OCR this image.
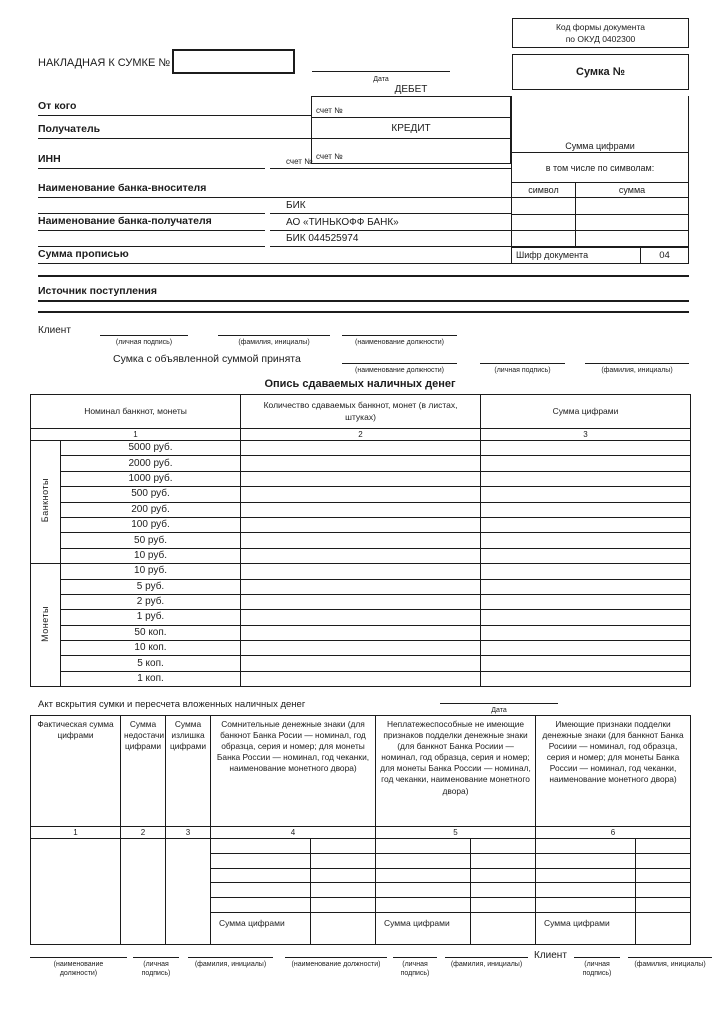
Код формы документа
по ОКУД 0402300
НАКЛАДНАЯ К СУМКЕ №
Дата
Сумка №
ДЕБЕТ
счет №
КРЕДИТ
счет №
От кого
Получатель
ИНН	счет №
Сумма цифрами
в том числе по символам:
символ	сумма
Шифр документа	04
Наименование банка-вносителя
БИК
Наименование банка-получателя	АО «ТИНЬКОФФ БАНК»
БИК 044525974
Сумма прописью
Источник поступления
Клиент
(личная подпись)	(фамилия, инициалы)	(наименование должности)
Сумка с объявленной суммой принята
(наименование должности)	(личная подпись)	(фамилия, инициалы)
Опись сдаваемых наличных денег
Номинал банкнот, монеты		Количество сдаваемых банкнот, монет (в листах, штуках)	Сумма цифрами
1		2	3
Банкноты	5000 руб.		
	2000 руб.		
	1000 руб.		
	500 руб.		
	200 руб.		
	100 руб.		
	50 руб.		
	10 руб.		
Монеты	10 руб.		
	5 руб.		
	2 руб.		
	1 руб.		
	50 коп.		
	10 коп.		
	5 коп.		
	1 коп.		
Акт вскрытия сумки и пересчета вложенных наличных денег
Дата
Фактическая сумма цифрами	Сумма недостачи цифрами	Сумма излишка цифрами	Сомнительные денежные знаки (для банкнот Банка Росии — номинал, год образца, серия и номер; для монеты Банка России — номинал, год чеканки, наименование монетного двора)		Неплатежеспособные не имеющие признаков подделки денежные знаки (для банкнот Банка Росиии — номинал, год образца, серия и номер; для монеты Банка России — номинал, год чеканки, наименование монетного двора)		Имеющие признаки подделки денежные знаки (для банкнот Банка Росиии — номинал, год образца, серия и номер; для монеты Банка России — номинал, год чеканки, наименование монетного двора)	
1	2	3	4		5		6	

			Сумма цифрами		Сумма цифрами		Сумма цифрами	
(наименование должности)
(личная подпись)
(фамилия, инициалы)	(наименование должности)	(личная подпись)
(фамилия, инициалы)
Клиент
(личная подпись)
(фамилия, инициалы)
